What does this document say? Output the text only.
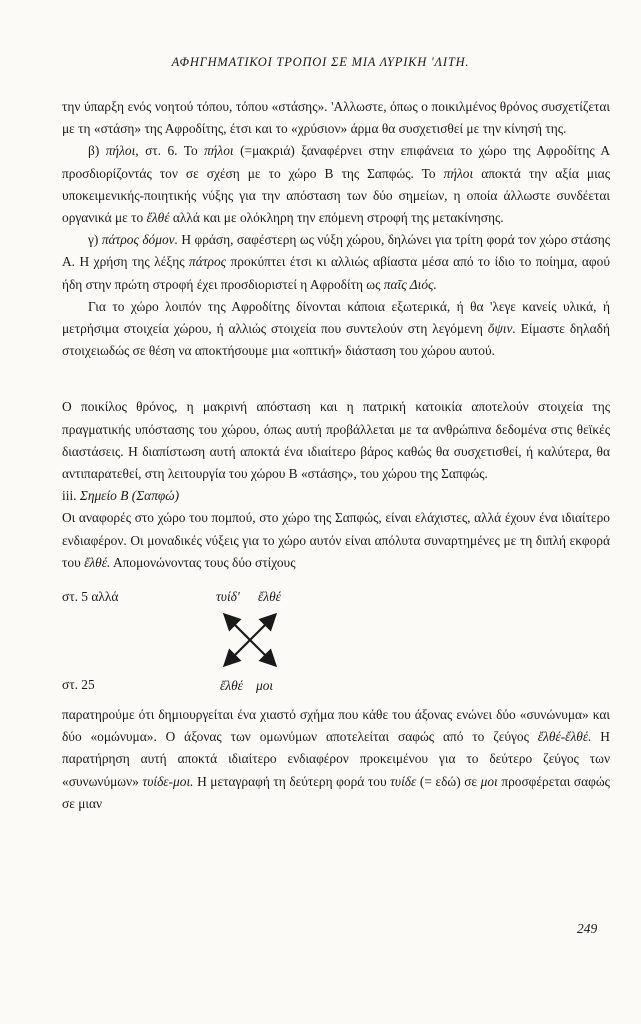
ΑΦΗΓΗΜΑΤΙΚΟΙ ΤΡΟΠΟΙ ΣΕ ΜΙΑ ΛΥΡΙΚΗ 'ΛΙΤΗ.

την ύπαρξη ενός νοητού τόπου, τόπου «στάσης». 'Αλλωστε, όπως ο ποικιλμένος θρόνος συσχετίζεται με τη «στάση» της Αφροδίτης, έτσι και το «χρύσιον» άρμα θα συσχετισθεί με την κίνησή της.

β) πήλοι, στ. 6. Το πήλοι (=μακριά) ξαναφέρνει στην επιφάνεια το χώρο της Αφροδίτης Α προσδιορίζοντάς τον σε σχέση με το χώρο Β της Σαπφώς. Το πήλοι αποκτά την αξία μιας υποκειμενικής-ποιητικής νύξης για την απόσταση των δύο σημείων, η οποία άλλωστε συνδέεται οργανικά με το ἔλθέ αλλά και με ολόκληρη την επόμενη στροφή της μετακίνησης.

γ) πάτρος δόμον. Η φράση, σαφέστερη ως νύξη χώρου, δηλώνει για τρίτη φορά τον χώρο στάσης Α. Η χρήση της λέξης πάτρος προκύπτει έτσι κι αλλιώς αβίαστα μέσα από το ίδιο το ποίημα, αφού ήδη στην πρώτη στροφή έχει προσδιοριστεί η Αφροδίτη ως παῖς Διός.

Για το χώρο λοιπόν της Αφροδίτης δίνονται κάποια εξωτερικά, ή θα 'λεγε κανείς υλικά, ή μετρήσιμα στοιχεία χώρου, ή αλλιώς στοιχεία που συντελούν στη λεγόμενη ὄψιν. Είμαστε δηλαδή στοιχειωδώς σε θέση να αποκτήσουμε μια «οπτική» διάσταση του χώρου αυτού.

Ο ποικίλος θρόνος, η μακρινή απόσταση και η πατρική κατοικία αποτελούν στοιχεία της πραγματικής υπόστασης του χώρου, όπως αυτή προβάλλεται με τα ανθρώπινα δεδομένα στις θεϊκές διαστάσεις. Η διαπίστωση αυτή αποκτά ένα ιδιαίτερο βάρος καθώς θα συσχετισθεί, ή καλύτερα, θα αντιπαρατεθεί, στη λειτουργία του χώρου Β «στάσης», του χώρου της Σαπφώς.

iii. Σημείο Β (Σαπφώ)

Οι αναφορές στο χώρο του πομπού, στο χώρο της Σαπφώς, είναι ελάχιστες, αλλά έχουν ένα ιδιαίτερο ενδιαφέρον. Οι μοναδικές νύξεις για το χώρο αυτόν είναι απόλυτα συναρτημένες με τη διπλή εκφορά του ἔλθέ. Απομονώνοντας τους δύο στίχους

στ. 5 αλλά
στ. 25
τυίδ' ἔλθέ
ἔλθέ μοι

παρατηρούμε ότι δημιουργείται ένα χιαστό σχήμα που κάθε του άξονας ενώνει δύο «συνώνυμα» και δύο «ομώνυμα». Ο άξονας των ομωνύμων αποτελείται σαφώς από το ζεύγος ἔλθέ-ἔλθέ. Η παρατήρηση αυτή αποκτά ιδιαίτερο ενδιαφέρον προκειμένου για το δεύτερο ζεύγος των «συνωνύμων» τυίδε-μοι. Η μεταγραφή τη δεύτερη φορά του τυίδε (= εδώ) σε μοι προσφέρεται σαφώς σε μιαν

249
